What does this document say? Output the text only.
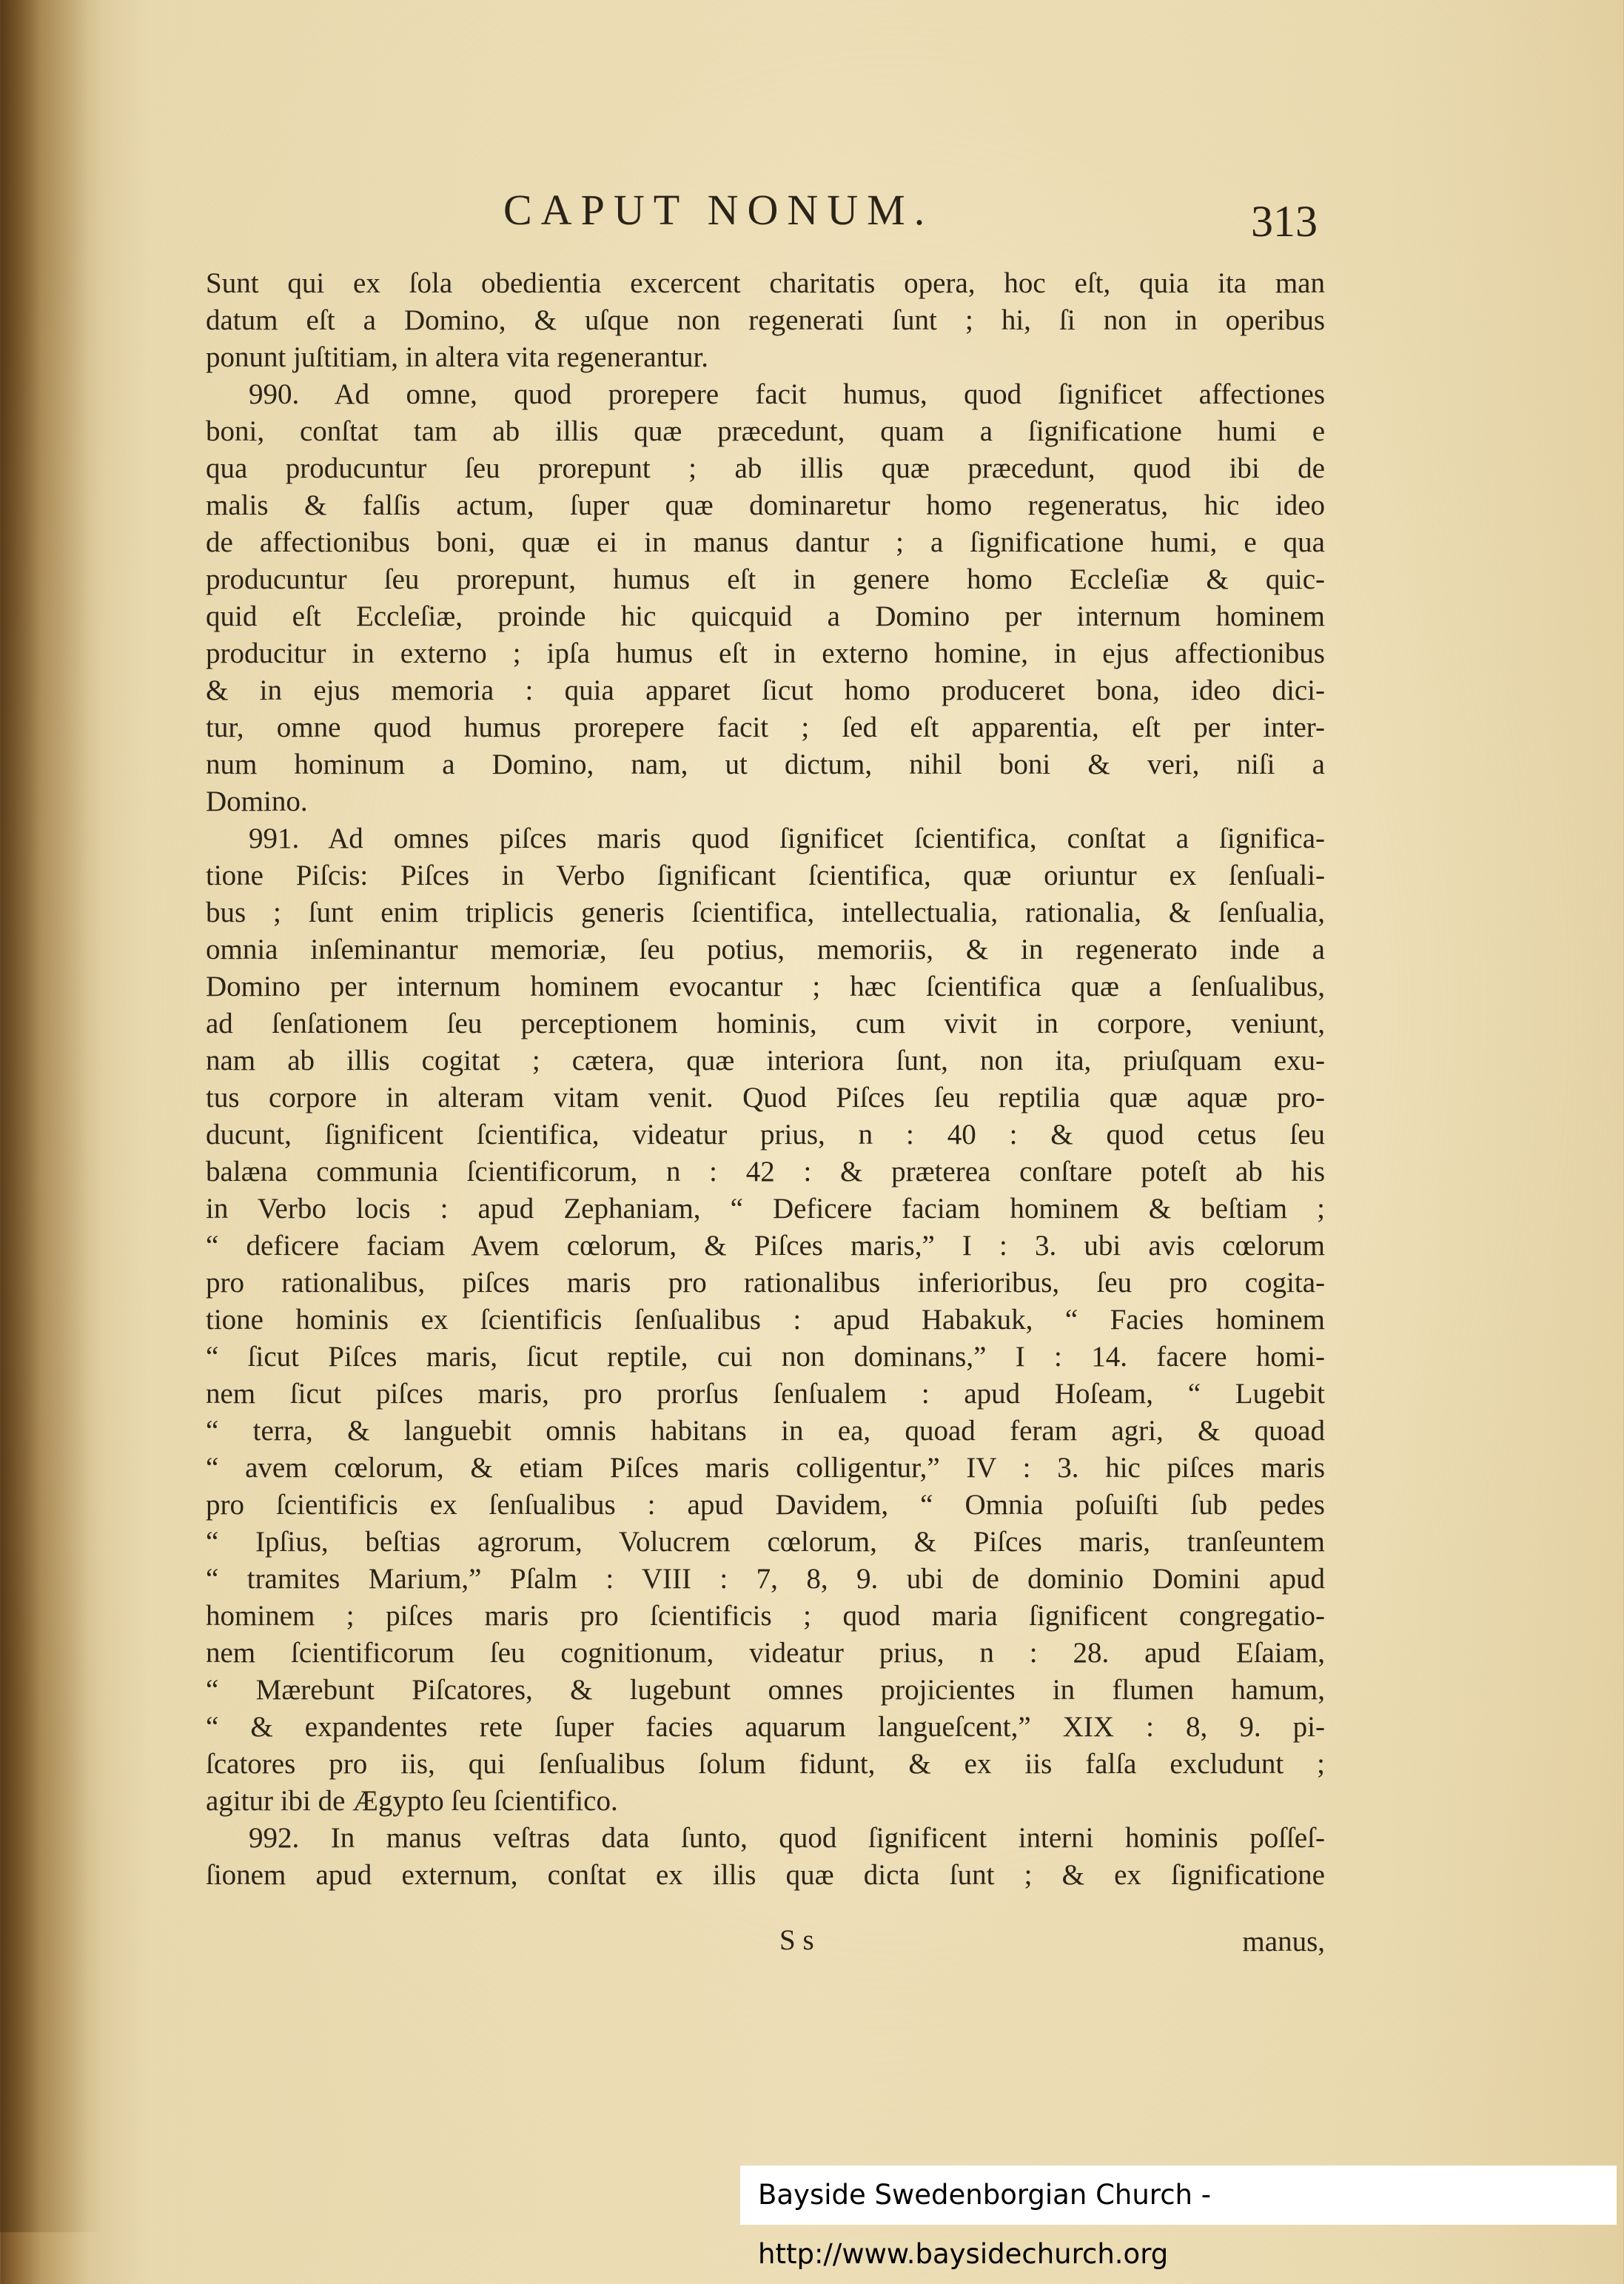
CAPUT NONUM.	313
Sunt qui ex ſola obedientia excercent charitatis opera, hoc eſt, quia ita man
datum eſt a Domino, & uſque non regenerati ſunt ; hi, ſi non in operibus
ponunt juſtitiam, in altera vita regenerantur.
990. Ad omne, quod prorepere facit humus, quod ſignificet affectiones
boni, conſtat tam ab illis quæ præcedunt, quam a ſignificatione humi e
qua producuntur ſeu prorepunt ; ab illis quæ præcedunt, quod ibi de
malis & falſis actum, ſuper quæ dominaretur homo regeneratus, hic ideo
de affectionibus boni, quæ ei in manus dantur ; a ſignificatione humi, e qua
producuntur ſeu prorepunt, humus eſt in genere homo Eccleſiæ & quic-
quid eſt Eccleſiæ, proinde hic quicquid a Domino per internum hominem
producitur in externo ; ipſa humus eſt in externo homine, in ejus affectionibus
& in ejus memoria : quia apparet ſicut homo produceret bona, ideo dici-
tur, omne quod humus prorepere facit ; ſed eſt apparentia, eſt per inter-
num hominum a Domino, nam, ut dictum, nihil boni & veri, niſi a
Domino.
991. Ad omnes piſces maris quod ſignificet ſcientifica, conſtat a ſignifica-
tione Piſcis: Piſces in Verbo ſignificant ſcientifica, quæ oriuntur ex ſenſuali-
bus ; ſunt enim triplicis generis ſcientifica, intellectualia, rationalia, & ſenſualia,
omnia inſeminantur memoriæ, ſeu potius, memoriis, & in regenerato inde a
Domino per internum hominem evocantur ; hæc ſcientifica quæ a ſenſualibus,
ad ſenſationem ſeu perceptionem hominis, cum vivit in corpore, veniunt,
nam ab illis cogitat ; cætera, quæ interiora ſunt, non ita, priuſquam exu-
tus corpore in alteram vitam venit. Quod Piſces ſeu reptilia quæ aquæ pro-
ducunt, ſignificent ſcientifica, videatur prius, n : 40 : & quod cetus ſeu
balæna communia ſcientificorum, n : 42 : & præterea conſtare poteſt ab his
in Verbo locis : apud Zephaniam, “ Deficere faciam hominem & beſtiam ;
“ deficere faciam Avem cœlorum, & Piſces maris,” I : 3. ubi avis cœlorum
pro rationalibus, piſces maris pro rationalibus inferioribus, ſeu pro cogita-
tione hominis ex ſcientificis ſenſualibus : apud Habakuk, “ Facies hominem
“ ſicut Piſces maris, ſicut reptile, cui non dominans,” I : 14. facere homi-
nem ſicut piſces maris, pro prorſus ſenſualem : apud Hoſeam, “ Lugebit
“ terra, & languebit omnis habitans in ea, quoad feram agri, & quoad
“ avem cœlorum, & etiam Piſces maris colligentur,” IV : 3. hic piſces maris
pro ſcientificis ex ſenſualibus : apud Davidem, “ Omnia poſuiſti ſub pedes
“ Ipſius, beſtias agrorum, Volucrem cœlorum, & Piſces maris, tranſeuntem
“ tramites Marium,” Pſalm : VIII : 7, 8, 9. ubi de dominio Domini apud
hominem ; piſces maris pro ſcientificis ; quod maria ſignificent congregatio-
nem ſcientificorum ſeu cognitionum, videatur prius, n : 28. apud Eſaiam,
“ Mærebunt Piſcatores, & lugebunt omnes projicientes in flumen hamum,
“ & expandentes rete ſuper facies aquarum langueſcent,” XIX : 8, 9. pi-
ſcatores pro iis, qui ſenſualibus ſolum fidunt, & ex iis falſa excludunt ;
agitur ibi de Ægypto ſeu ſcientifico.
992. In manus veſtras data ſunto, quod ſignificent interni hominis poſſeſ-
ſionem apud externum, conſtat ex illis quæ dicta ſunt ; & ex ſignificatione
S s	manus,
Bayside Swedenborgian Church - http://www.baysidechurch.org
